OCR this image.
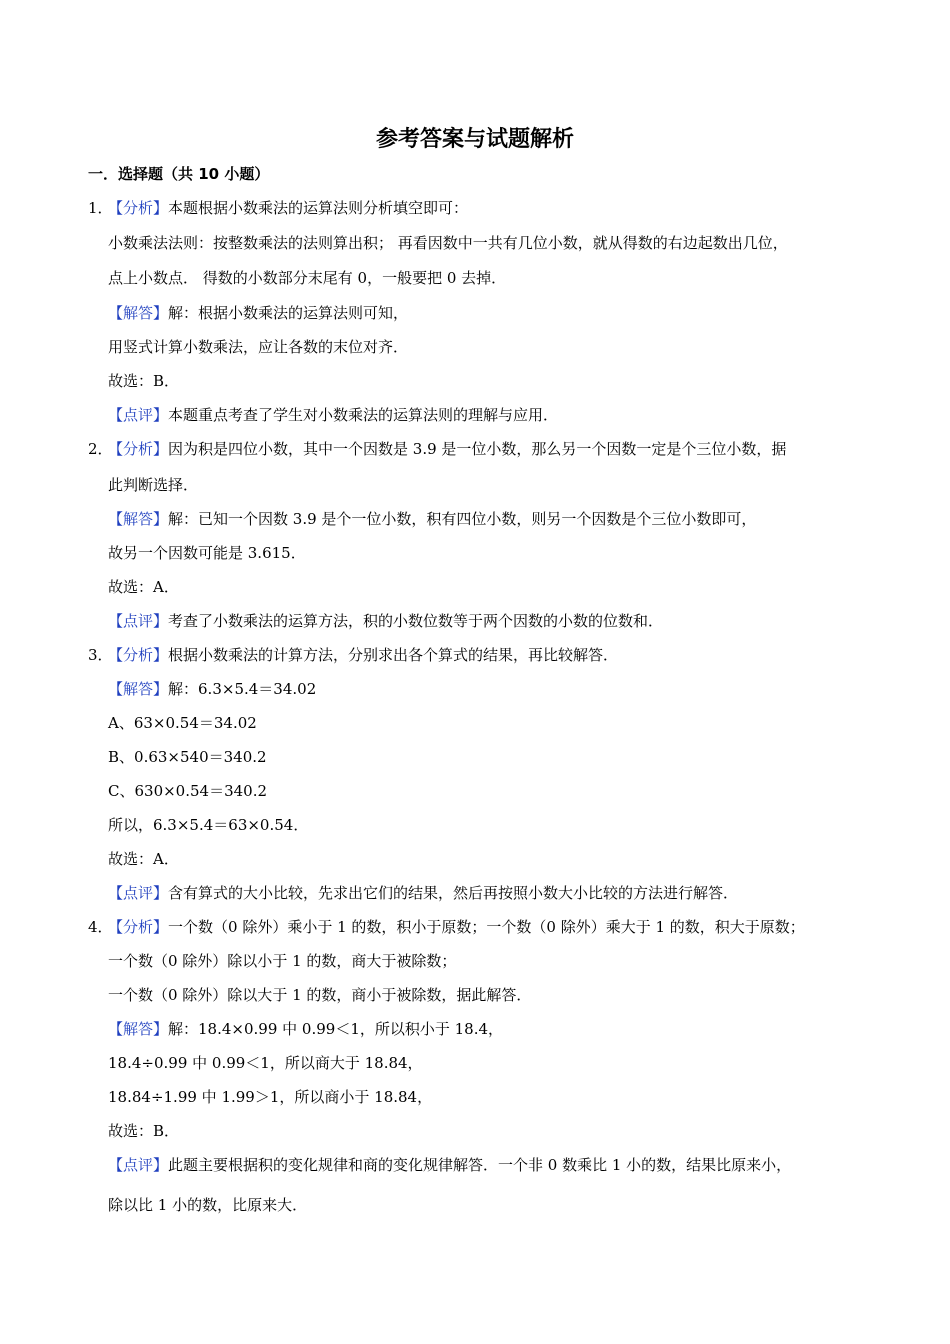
参考答案与试题解析
一．选择题（共 10 小题）
1．【分析】本题根据小数乘法的运算法则分析填空即可：
小数乘法法则：按整数乘法的法则算出积； 再看因数中一共有几位小数，就从得数的右边起数出几位，
点上小数点． 得数的小数部分末尾有 0，一般要把 0 去掉．
【解答】解：根据小数乘法的运算法则可知，
用竖式计算小数乘法，应让各数的末位对齐．
故选：B．
【点评】本题重点考查了学生对小数乘法的运算法则的理解与应用．
2．【分析】因为积是四位小数，其中一个因数是 3.9 是一位小数，那么另一个因数一定是个三位小数，据
此判断选择．
【解答】解：已知一个因数 3.9 是个一位小数，积有四位小数，则另一个因数是个三位小数即可，
故另一个因数可能是 3.615．
故选：A．
【点评】考查了小数乘法的运算方法，积的小数位数等于两个因数的小数的位数和．
3．【分析】根据小数乘法的计算方法，分别求出各个算式的结果，再比较解答．
【解答】解：6.3×5.4＝34.02
A、63×0.54＝34.02
B、0.63×540＝340.2
C、630×0.54＝340.2
所以，6.3×5.4＝63×0.54．
故选：A．
【点评】含有算式的大小比较，先求出它们的结果，然后再按照小数大小比较的方法进行解答．
4．【分析】一个数（0 除外）乘小于 1 的数，积小于原数；一个数（0 除外）乘大于 1 的数，积大于原数；
一个数（0 除外）除以小于 1 的数，商大于被除数；
一个数（0 除外）除以大于 1 的数，商小于被除数，据此解答．
【解答】解：18.4×0.99 中 0.99＜1，所以积小于 18.4，
18.4÷0.99 中 0.99＜1，所以商大于 18.84，
18.84÷1.99 中 1.99＞1，所以商小于 18.84，
故选：B．
【点评】此题主要根据积的变化规律和商的变化规律解答．一个非 0 数乘比 1 小的数，结果比原来小，
除以比 1 小的数，比原来大．
